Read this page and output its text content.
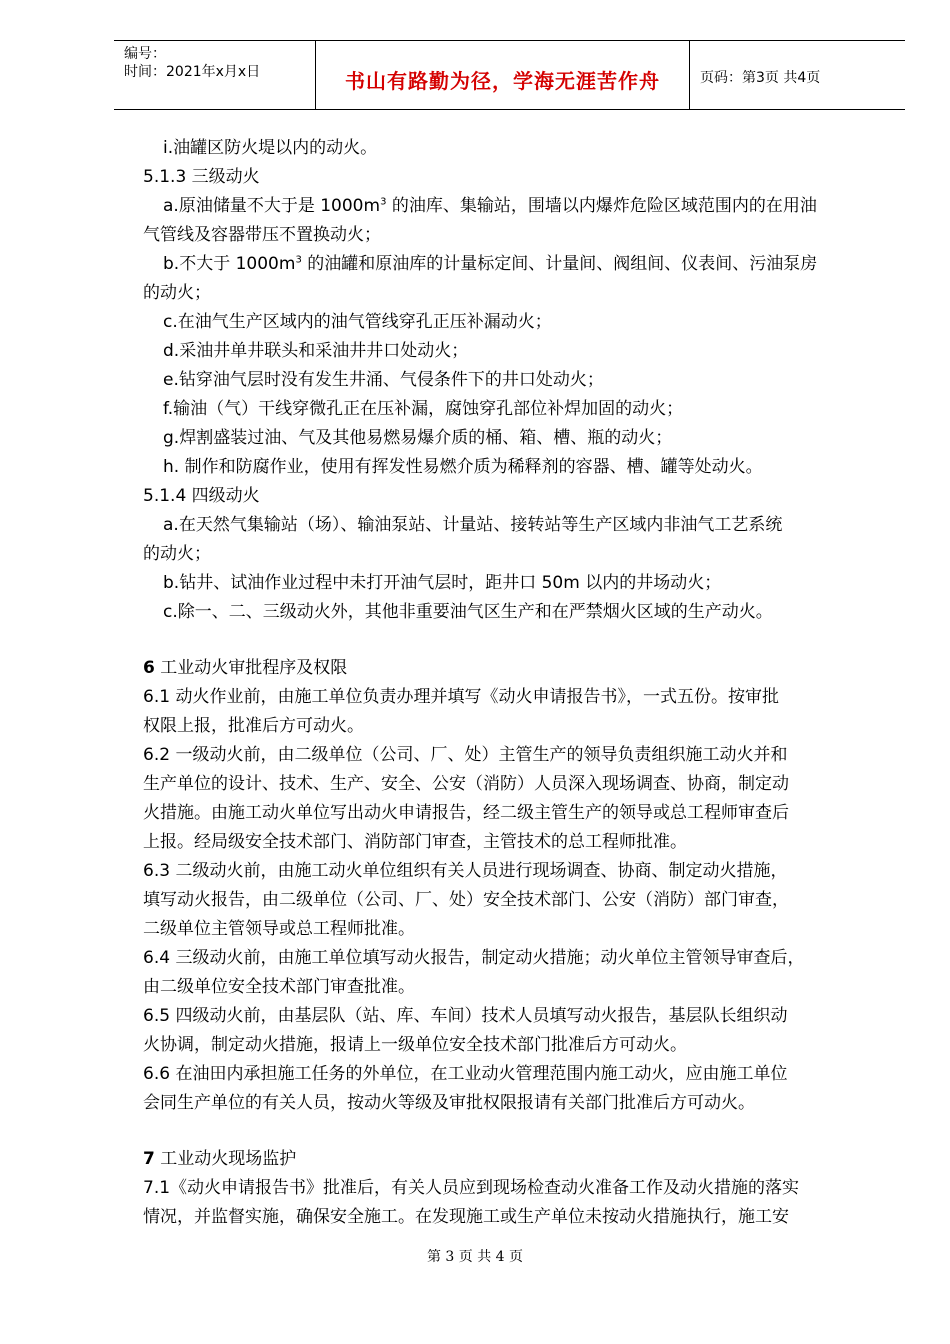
编号：
时间：2021年x月x日	书山有路勤为径，学海无涯苦作舟	页码：第3页 共4页
i.油罐区防火堤以内的动火。
5.1.3 三级动火
a.原油储量不大于是 $1000m^3$ 的油库、集输站，围墙以内爆炸危险区域范围内的在用油
气管线及容器带压不置换动火；
b.不大于 $1000m^3$ 的油罐和原油库的计量标定间、计量间、阀组间、仪表间、污油泵房
的动火；
c.在油气生产区域内的油气管线穿孔正压补漏动火；
d.采油井单井联头和采油井井口处动火；
e.钻穿油气层时没有发生井涌、气侵条件下的井口处动火；
f.输油（气）干线穿微孔正在压补漏，腐蚀穿孔部位补焊加固的动火；
g.焊割盛装过油、气及其他易燃易爆介质的桶、箱、槽、瓶的动火；
h. 制作和防腐作业，使用有挥发性易燃介质为稀释剂的容器、槽、罐等处动火。
5.1.4 四级动火
a.在天然气集输站（场）、输油泵站、计量站、接转站等生产区域内非油气工艺系统
的动火；
b.钻井、试油作业过程中未打开油气层时，距井口 50m 以内的井场动火；
c.除一、二、三级动火外，其他非重要油气区生产和在严禁烟火区域的生产动火。
6 工业动火审批程序及权限
6.1 动火作业前，由施工单位负责办理并填写《动火申请报告书》，一式五份。按审批
权限上报，批准后方可动火。
6.2 一级动火前，由二级单位（公司、厂、处）主管生产的领导负责组织施工动火并和
生产单位的设计、技术、生产、安全、公安（消防）人员深入现场调查、协商，制定动
火措施。由施工动火单位写出动火申请报告，经二级主管生产的领导或总工程师审查后
上报。经局级安全技术部门、消防部门审查，主管技术的总工程师批准。
6.3 二级动火前，由施工动火单位组织有关人员进行现场调查、协商、制定动火措施，
填写动火报告，由二级单位（公司、厂、处）安全技术部门、公安（消防）部门审查，
二级单位主管领导或总工程师批准。
6.4 三级动火前，由施工单位填写动火报告，制定动火措施；动火单位主管领导审查后，
由二级单位安全技术部门审查批准。
6.5 四级动火前，由基层队（站、库、车间）技术人员填写动火报告，基层队长组织动
火协调，制定动火措施，报请上一级单位安全技术部门批准后方可动火。
6.6 在油田内承担施工任务的外单位，在工业动火管理范围内施工动火，应由施工单位
会同生产单位的有关人员，按动火等级及审批权限报请有关部门批准后方可动火。
7 工业动火现场监护
7.1《动火申请报告书》批准后，有关人员应到现场检查动火准备工作及动火措施的落实
情况，并监督实施，确保安全施工。在发现施工或生产单位未按动火措施执行，施工安
第 3 页 共 4 页
